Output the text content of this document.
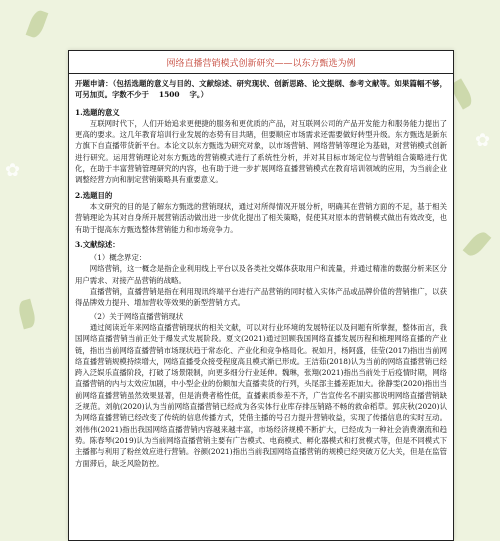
✿
✿
网络直播营销模式创新研究——以东方甄选为例
开题申请：（包括选题的意义与目的、文献综述、研究现状、创新思路、论文提纲、参考文献等。如果篇幅不够，可另加页。字数不少于 1500 字。）
1.选题的意义

互联网时代下，人们开始追求更便捷的服务和更优质的产品，对互联网公司的产品开发能力和服务能力提出了更高的要求。这几年教育培训行业发展的态势有目共睹，但要顺应市场需求还需要做好转型升级。东方甄选是新东方旗下自直播带货新平台。本论文以东方甄选为研究对象，以市场营销、网络营销等理论为基础，对营销模式创新进行研究。运用营销理论对东方甄选的营销模式进行了系统性分析，并对其目标市场定位与营销组合策略进行优化，在助于丰富营销管理研究的内容，也有助于进一步扩展网络直播营销模式在教育培训领域的应用，为当前企业调整经营方向和制定营销策略具有重要意义。

2.选题目的

本文研究的目的是了解东方甄选的营销现状，通过对所得情况开展分析，明确其在营销方面的不足，基于相关营销理论为其对自身所开展营销活动做出进一步优化提出了相关策略，促使其对原本的营销模式做出有效改变，也有助于提高东方甄选整体营销能力和市场竞争力。

3.文献综述：

（1）概念界定：

网络营销，这一概念是指企业利用线上平台以及各类社交媒体获取用户和流量，并通过精准的数据分析来区分用户需求、对接产品营销的战略。

直播营销，直播营销是指在利用现讯终端平台进行产品营销的同时植入实体产品或品牌价值的营销推广，以获得品牌效力提升、增加营收等效果的新型营销方式。

（2）关于网络直播营销现状

通过阅读近年来网络直播营销现状的相关文献，可以对行业环境的发展特征以及问题有所掌握，整体而言，我国网络直播营销当前正处于爆发式发展阶段。夏文(2021)通过回顾我国网络直播发展历程和梳理网络直播的产业链，指出当前网络直播营销市场现状趋于常态化、产业化和竞争格局化。祝如月，杨阿盛，佳莹(2017)指出当前网络直播营销规模持续增大，网络直播受众接受程度高且模式渐已形成。王洁茹(2018)认为当前的网络直播营销已经跨入泛娱乐直播阶段，打破了场景限制，向更多细分行业延伸。魏琳，张翔(2021)指出当前处于后疫情时期，网络直播营销的内与太效应加剧，中小型企业的份额加大直播卖货的行列，头尾部主播差距加大。徐静雯(2020)指出当前网络直播营销虽然效果显著，但是消费者格性低，直播素质参差不齐，广告宣传名不副实都说明网络直播营销缺乏规范。刘航(2020)认为当前网络直播营销已经成为各实体行业库存排压销路不畅的救命稻草。郭庆秋(2020)认为网络直播营销已经改变了传统的信息传播方式，凭借主播的号召力提升营销收益，实现了传播信息的实时互动。刘伟伟(2021)指出我国网络直播营销内容越来越丰富，市场经济规模不断扩大，已经成为一种社会消费潮流和趋势。陈春琴(2019)认为当前网络直播营销主要有广告模式、电商模式、孵化器模式和打赏模式等，但是不同模式下主播都与利用了粉丝效应进行营销。谷颜(2021)指出当前我国网络直播营销的规模已经突破万亿大关，但是在监管方面滞后，缺乏风险防控。
